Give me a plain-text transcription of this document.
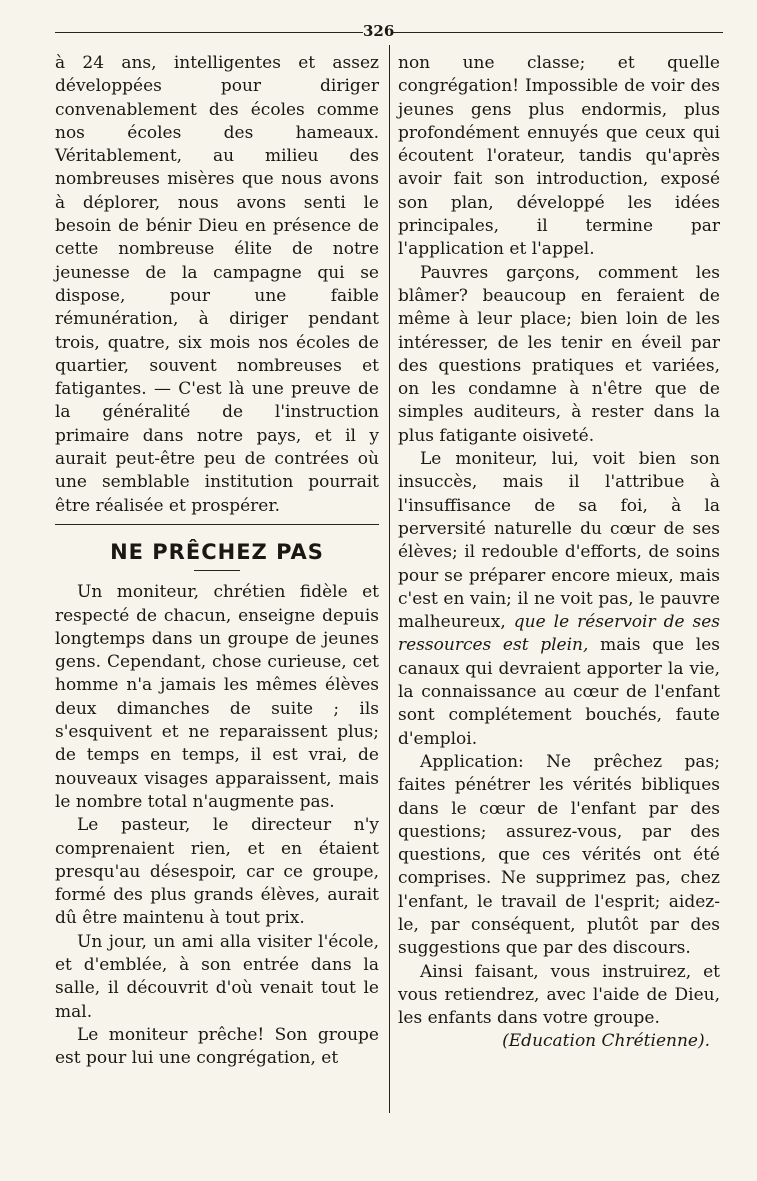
326

à 24 ans, intelligentes et assez développées pour diriger convenablement des écoles comme nos écoles des hameaux. Véritablement, au milieu des nombreuses misères que nous avons à déplorer, nous avons senti le besoin de bénir Dieu en présence de cette nombreuse élite de notre jeunesse de la campagne qui se dispose, pour une faible rémunération, à diriger pendant trois, quatre, six mois nos écoles de quartier, souvent nombreuses et fatigantes. — C'est là une preuve de la généralité de l'instruction primaire dans notre pays, et il y aurait peut-être peu de contrées où une semblable institution pourrait être réalisée et prospérer.

NE PRÊCHEZ PAS

Un moniteur, chrétien fidèle et respecté de chacun, enseigne depuis longtemps dans un groupe de jeunes gens. Cependant, chose curieuse, cet homme n'a jamais les mêmes élèves deux dimanches de suite ; ils s'esquivent et ne reparaissent plus; de temps en temps, il est vrai, de nouveaux visages apparaissent, mais le nombre total n'augmente pas.

Le pasteur, le directeur n'y comprenaient rien, et en étaient presqu'au désespoir, car ce groupe, formé des plus grands élèves, aurait dû être maintenu à tout prix.

Un jour, un ami alla visiter l'école, et d'emblée, à son entrée dans la salle, il découvrit d'où venait tout le mal.

Le moniteur prêche! Son groupe est pour lui une congrégation, et

non une classe; et quelle congrégation! Impossible de voir des jeunes gens plus endormis, plus profondément ennuyés que ceux qui écoutent l'orateur, tandis qu'après avoir fait son introduction, exposé son plan, développé les idées principales, il termine par l'application et l'appel.

Pauvres garçons, comment les blâmer? beaucoup en feraient de même à leur place; bien loin de les intéresser, de les tenir en éveil par des questions pratiques et variées, on les condamne à n'être que de simples auditeurs, à rester dans la plus fatigante oisiveté.

Le moniteur, lui, voit bien son insuccès, mais il l'attribue à l'insuffisance de sa foi, à la perversité naturelle du cœur de ses élèves; il redouble d'efforts, de soins pour se préparer encore mieux, mais c'est en vain; il ne voit pas, le pauvre malheureux, que le réservoir de ses ressources est plein, mais que les canaux qui devraient apporter la vie, la connaissance au cœur de l'enfant sont complétement bouchés, faute d'emploi.

Application: Ne prêchez pas; faites pénétrer les vérités bibliques dans le cœur de l'enfant par des questions; assurez-vous, par des questions, que ces vérités ont été comprises. Ne supprimez pas, chez l'enfant, le travail de l'esprit; aidez-le, par conséquent, plutôt par des suggestions que par des discours.

Ainsi faisant, vous instruirez, et vous retiendrez, avec l'aide de Dieu, les enfants dans votre groupe.

(Education Chrétienne).
